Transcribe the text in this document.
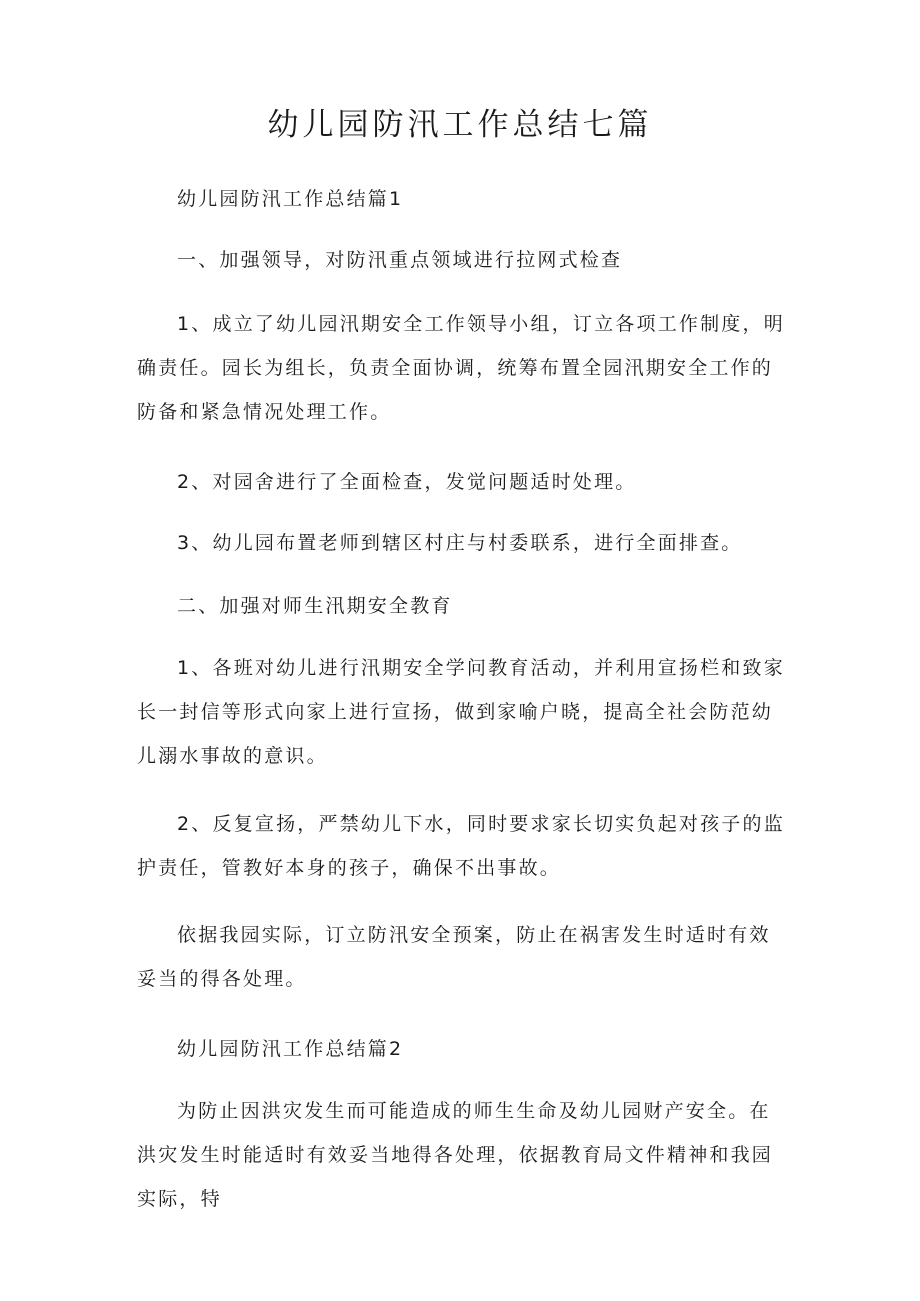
幼儿园防汛工作总结七篇

幼儿园防汛工作总结篇1

一、加强领导，对防汛重点领域进行拉网式检查

1、成立了幼儿园汛期安全工作领导小组，订立各项工作制度，明确责任。园长为组长，负责全面协调，统筹布置全园汛期安全工作的防备和紧急情况处理工作。

2、对园舍进行了全面检查，发觉问题适时处理。

3、幼儿园布置老师到辖区村庄与村委联系，进行全面排查。

二、加强对师生汛期安全教育

1、各班对幼儿进行汛期安全学问教育活动，并利用宣扬栏和致家长一封信等形式向家上进行宣扬，做到家喻户晓，提高全社会防范幼儿溺水事故的意识。

2、反复宣扬，严禁幼儿下水，同时要求家长切实负起对孩子的监护责任，管教好本身的孩子，确保不出事故。

依据我园实际，订立防汛安全预案，防止在祸害发生时适时有效妥当的得各处理。

幼儿园防汛工作总结篇2

为防止因洪灾发生而可能造成的师生生命及幼儿园财产安全。在洪灾发生时能适时有效妥当地得各处理，依据教育局文件精神和我园实际，特
